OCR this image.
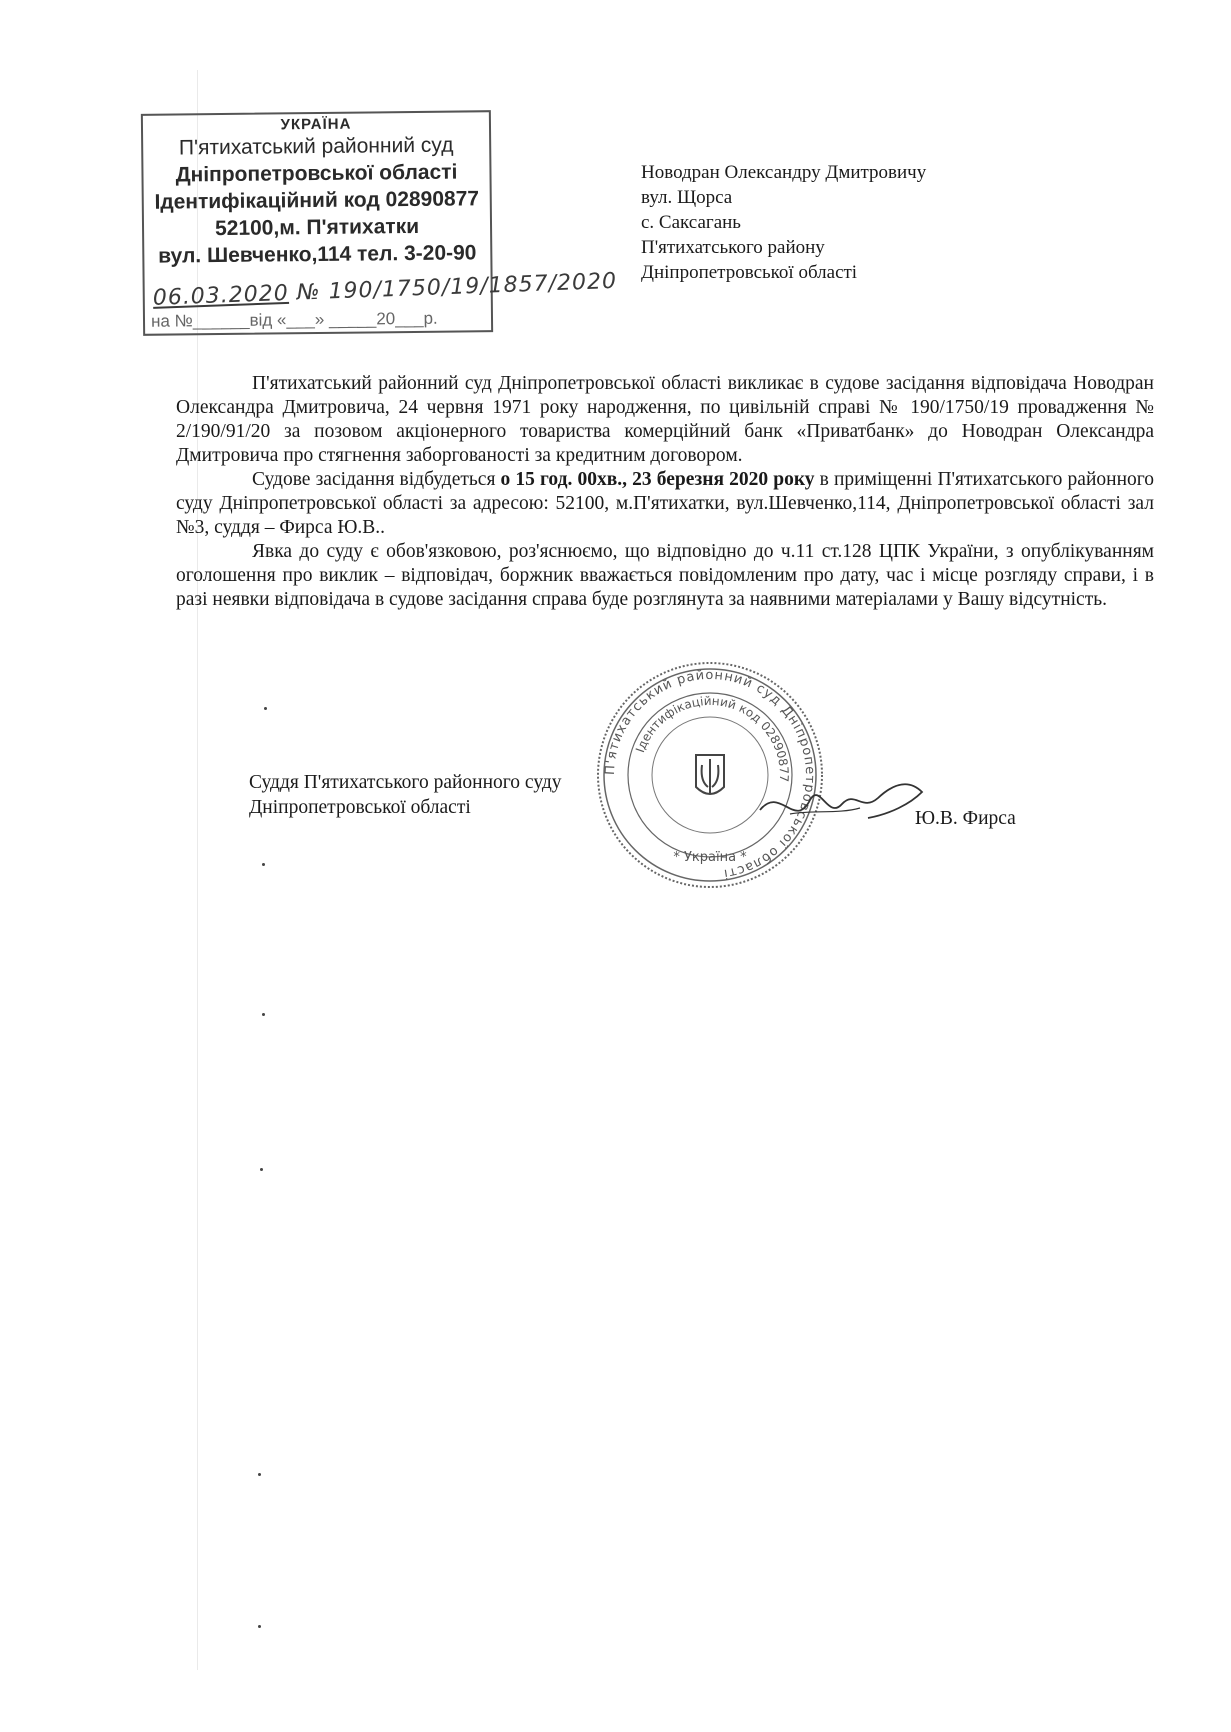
УКРАЇНА
П'ятихатський районний суд
Дніпропетровської області
Ідентифікаційний код 02890877
52100,м. П'ятихатки
вул. Шевченко,114 тел. 3-20-90
06.03.2020 № 190/1750/19/1857/2020
на №______від «___» _____20___р.
Новодран Олександру Дмитровичу
вул. Щорса
с. Саксагань
П'ятихатського району
Дніпропетровської області

П'ятихатський районний суд Дніпропетровської області викликає в судове засідання відповідача Новодран Олександра Дмитровича, 24 червня 1971 року народження, по цивільній справі № 190/1750/19 провадження № 2/190/91/20 за позовом акціонерного товариства комерційний банк «Приватбанк» до Новодран Олександра Дмитровича про стягнення заборгованості за кредитним договором.

Судове засідання відбудеться о 15 год. 00хв., 23 березня 2020 року в приміщенні П'ятихатського районного суду Дніпропетровської області за адресою: 52100, м.П'ятихатки, вул.Шевченко,114, Дніпропетровської області зал №3, суддя – Фирса Ю.В..

Явка до суду є обов'язковою, роз'яснюємо, що відповідно до ч.11 ст.128 ЦПК України, з опублікуванням оголошення про виклик – відповідач, боржник вважається повідомленим про дату, час і місце розгляду справи, і в разі неявки відповідача в судове засідання справа буде розглянута за наявними матеріалами у Вашу відсутність.

П'ятихатський районний суд Дніпропетровської області
Ідентифікаційний код 02890877
* Україна *
Суддя П'ятихатського районного суду
Дніпропетровської області
Ю.В. Фирса
